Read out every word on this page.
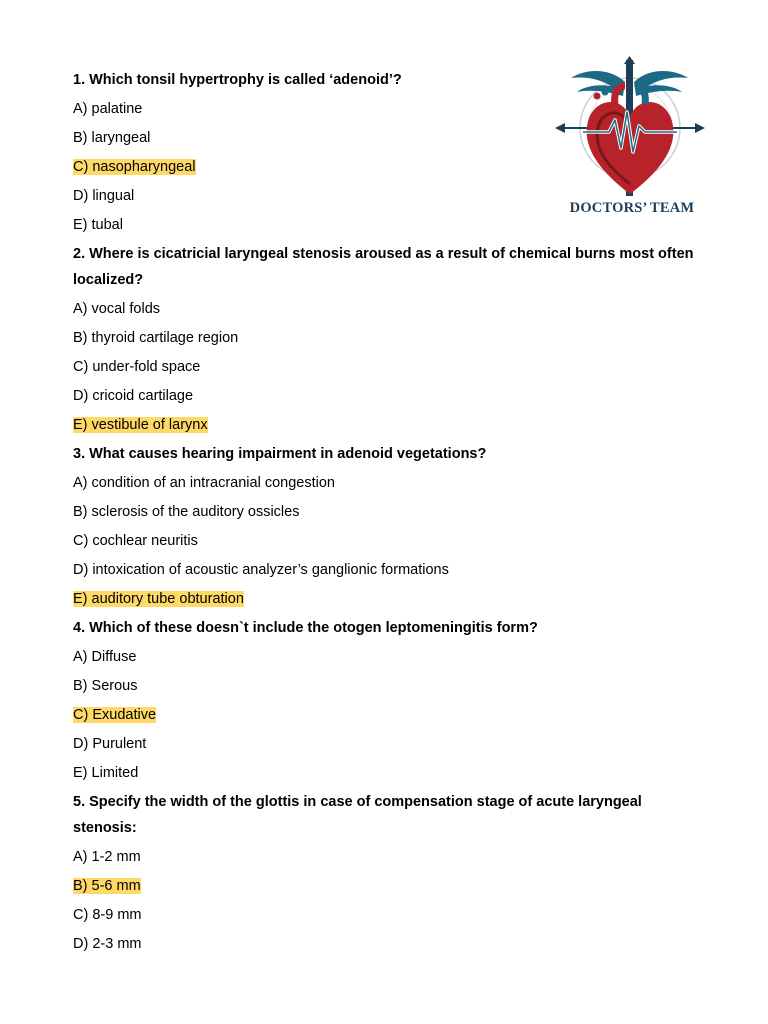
1. Which tonsil hypertrophy is called ‘adenoid’?
A) palatine
B) laryngeal
C) nasopharyngeal
D) lingual
E) tubal
2. Where is cicatricial laryngeal stenosis aroused as a result of chemical burns most often localized?
A) vocal folds
B) thyroid cartilage region
C) under-fold space
D) cricoid cartilage
E) vestibule of larynx
3. What causes hearing impairment in adenoid vegetations?
A) condition of an intracranial congestion
B) sclerosis of the auditory ossicles
C) cochlear neuritis
D) intoxication of acoustic analyzer’s ganglionic formations
E) auditory tube obturation
4. Which of these doesn`t include the otogen leptomeningitis form?
A) Diffuse
B) Serous
C) Exudative
D) Purulent
E) Limited
5. Specify the width of the glottis in case of compensation stage of acute laryngeal stenosis:
A) 1-2 mm
B) 5-6 mm
C) 8-9 mm
D) 2-3 mm
DOCTORS’ TEAM
